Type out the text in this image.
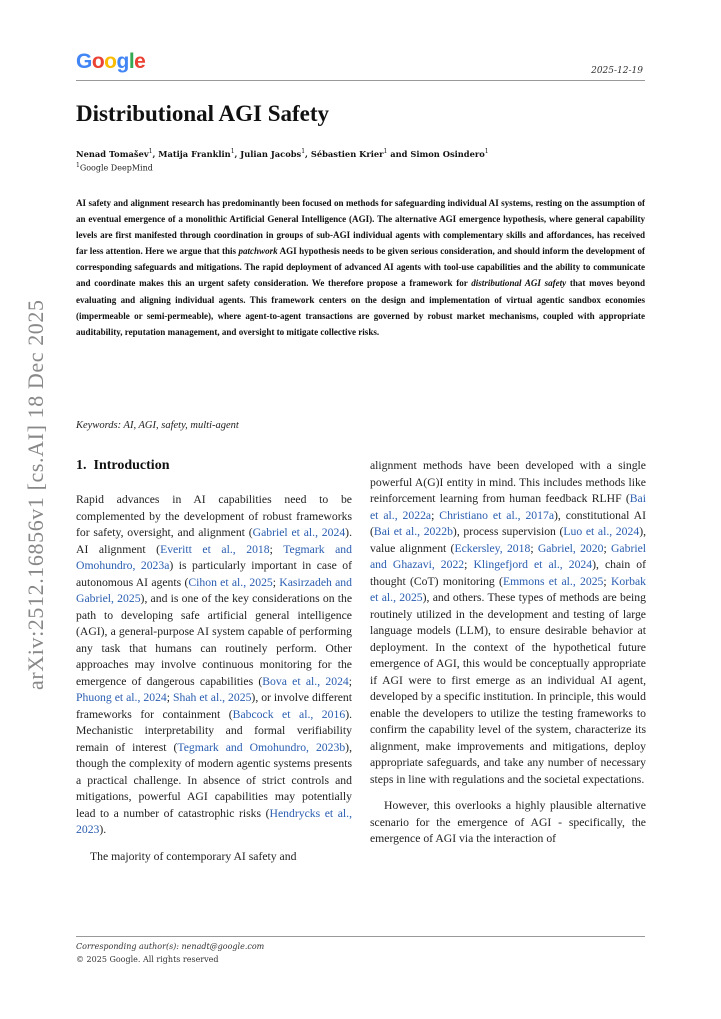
Google	2025-12-19
Distributional AGI Safety
Nenad Tomašev$^1$, Matija Franklin$^1$, Julian Jacobs$^1$, Sébastien Krier$^1$ and Simon Osindero$^1$
$^1$Google DeepMind

AI safety and alignment research has predominantly been focused on methods for safeguarding individual AI systems, resting on the assumption of an eventual emergence of a monolithic Artificial General Intelligence (AGI). The alternative AGI emergence hypothesis, where general capability levels are first manifested through coordination in groups of sub-AGI individual agents with complementary skills and affordances, has received far less attention. Here we argue that this patchwork AGI hypothesis needs to be given serious consideration, and should inform the development of corresponding safeguards and mitigations. The rapid deployment of advanced AI agents with tool-use capabilities and the ability to communicate and coordinate makes this an urgent safety consideration. We therefore propose a framework for distributional AGI safety that moves beyond evaluating and aligning individual agents. This framework centers on the design and implementation of virtual agentic sandbox economies (impermeable or semi-permeable), where agent-to-agent transactions are governed by robust market mechanisms, coupled with appropriate auditability, reputation management, and oversight to mitigate collective risks.

Keywords: AI, AGI, safety, multi-agent
arXiv:2512.16856v1 [cs.AI] 18 Dec 2025 1. Introduction

Rapid advances in AI capabilities need to be complemented by the development of robust frameworks for safety, oversight, and alignment (Gabriel et al., 2024). AI alignment (Everitt et al., 2018; Tegmark and Omohundro, 2023a) is particularly important in case of autonomous AI agents (Cihon et al., 2025; Kasirzadeh and Gabriel, 2025), and is one of the key considerations on the path to developing safe artificial general intelligence (AGI), a general-purpose AI system capable of performing any task that humans can routinely perform. Other approaches may involve continuous monitoring for the emergence of dangerous capabilities (Bova et al., 2024; Phuong et al., 2024; Shah et al., 2025), or involve different frameworks for containment (Babcock et al., 2016). Mechanistic interpretability and formal verifiability remain of interest (Tegmark and Omohundro, 2023b), though the complexity of modern agentic systems presents a practical challenge. In absence of strict controls and mitigations, powerful AGI capabilities may potentially lead to a number of catastrophic risks (Hendrycks et al., 2023).

The majority of contemporary AI safety and

alignment methods have been developed with a single powerful A(G)I entity in mind. This includes methods like reinforcement learning from human feedback RLHF (Bai et al., 2022a; Christiano et al., 2017a), constitutional AI (Bai et al., 2022b), process supervision (Luo et al., 2024), value alignment (Eckersley, 2018; Gabriel, 2020; Gabriel and Ghazavi, 2022; Klingefjord et al., 2024), chain of thought (CoT) monitoring (Emmons et al., 2025; Korbak et al., 2025), and others. These types of methods are being routinely utilized in the development and testing of large language models (LLM), to ensure desirable behavior at deployment. In the context of the hypothetical future emergence of AGI, this would be conceptually appropriate if AGI were to first emerge as an individual AI agent, developed by a specific institution. In principle, this would enable the developers to utilize the testing frameworks to confirm the capability level of the system, characterize its alignment, make improvements and mitigations, deploy appropriate safeguards, and take any number of necessary steps in line with regulations and the societal expectations.

However, this overlooks a highly plausible alternative scenario for the emergence of AGI - specifically, the emergence of AGI via the interaction of

Corresponding author(s): nenadt@google.com
© 2025 Google. All rights reserved
